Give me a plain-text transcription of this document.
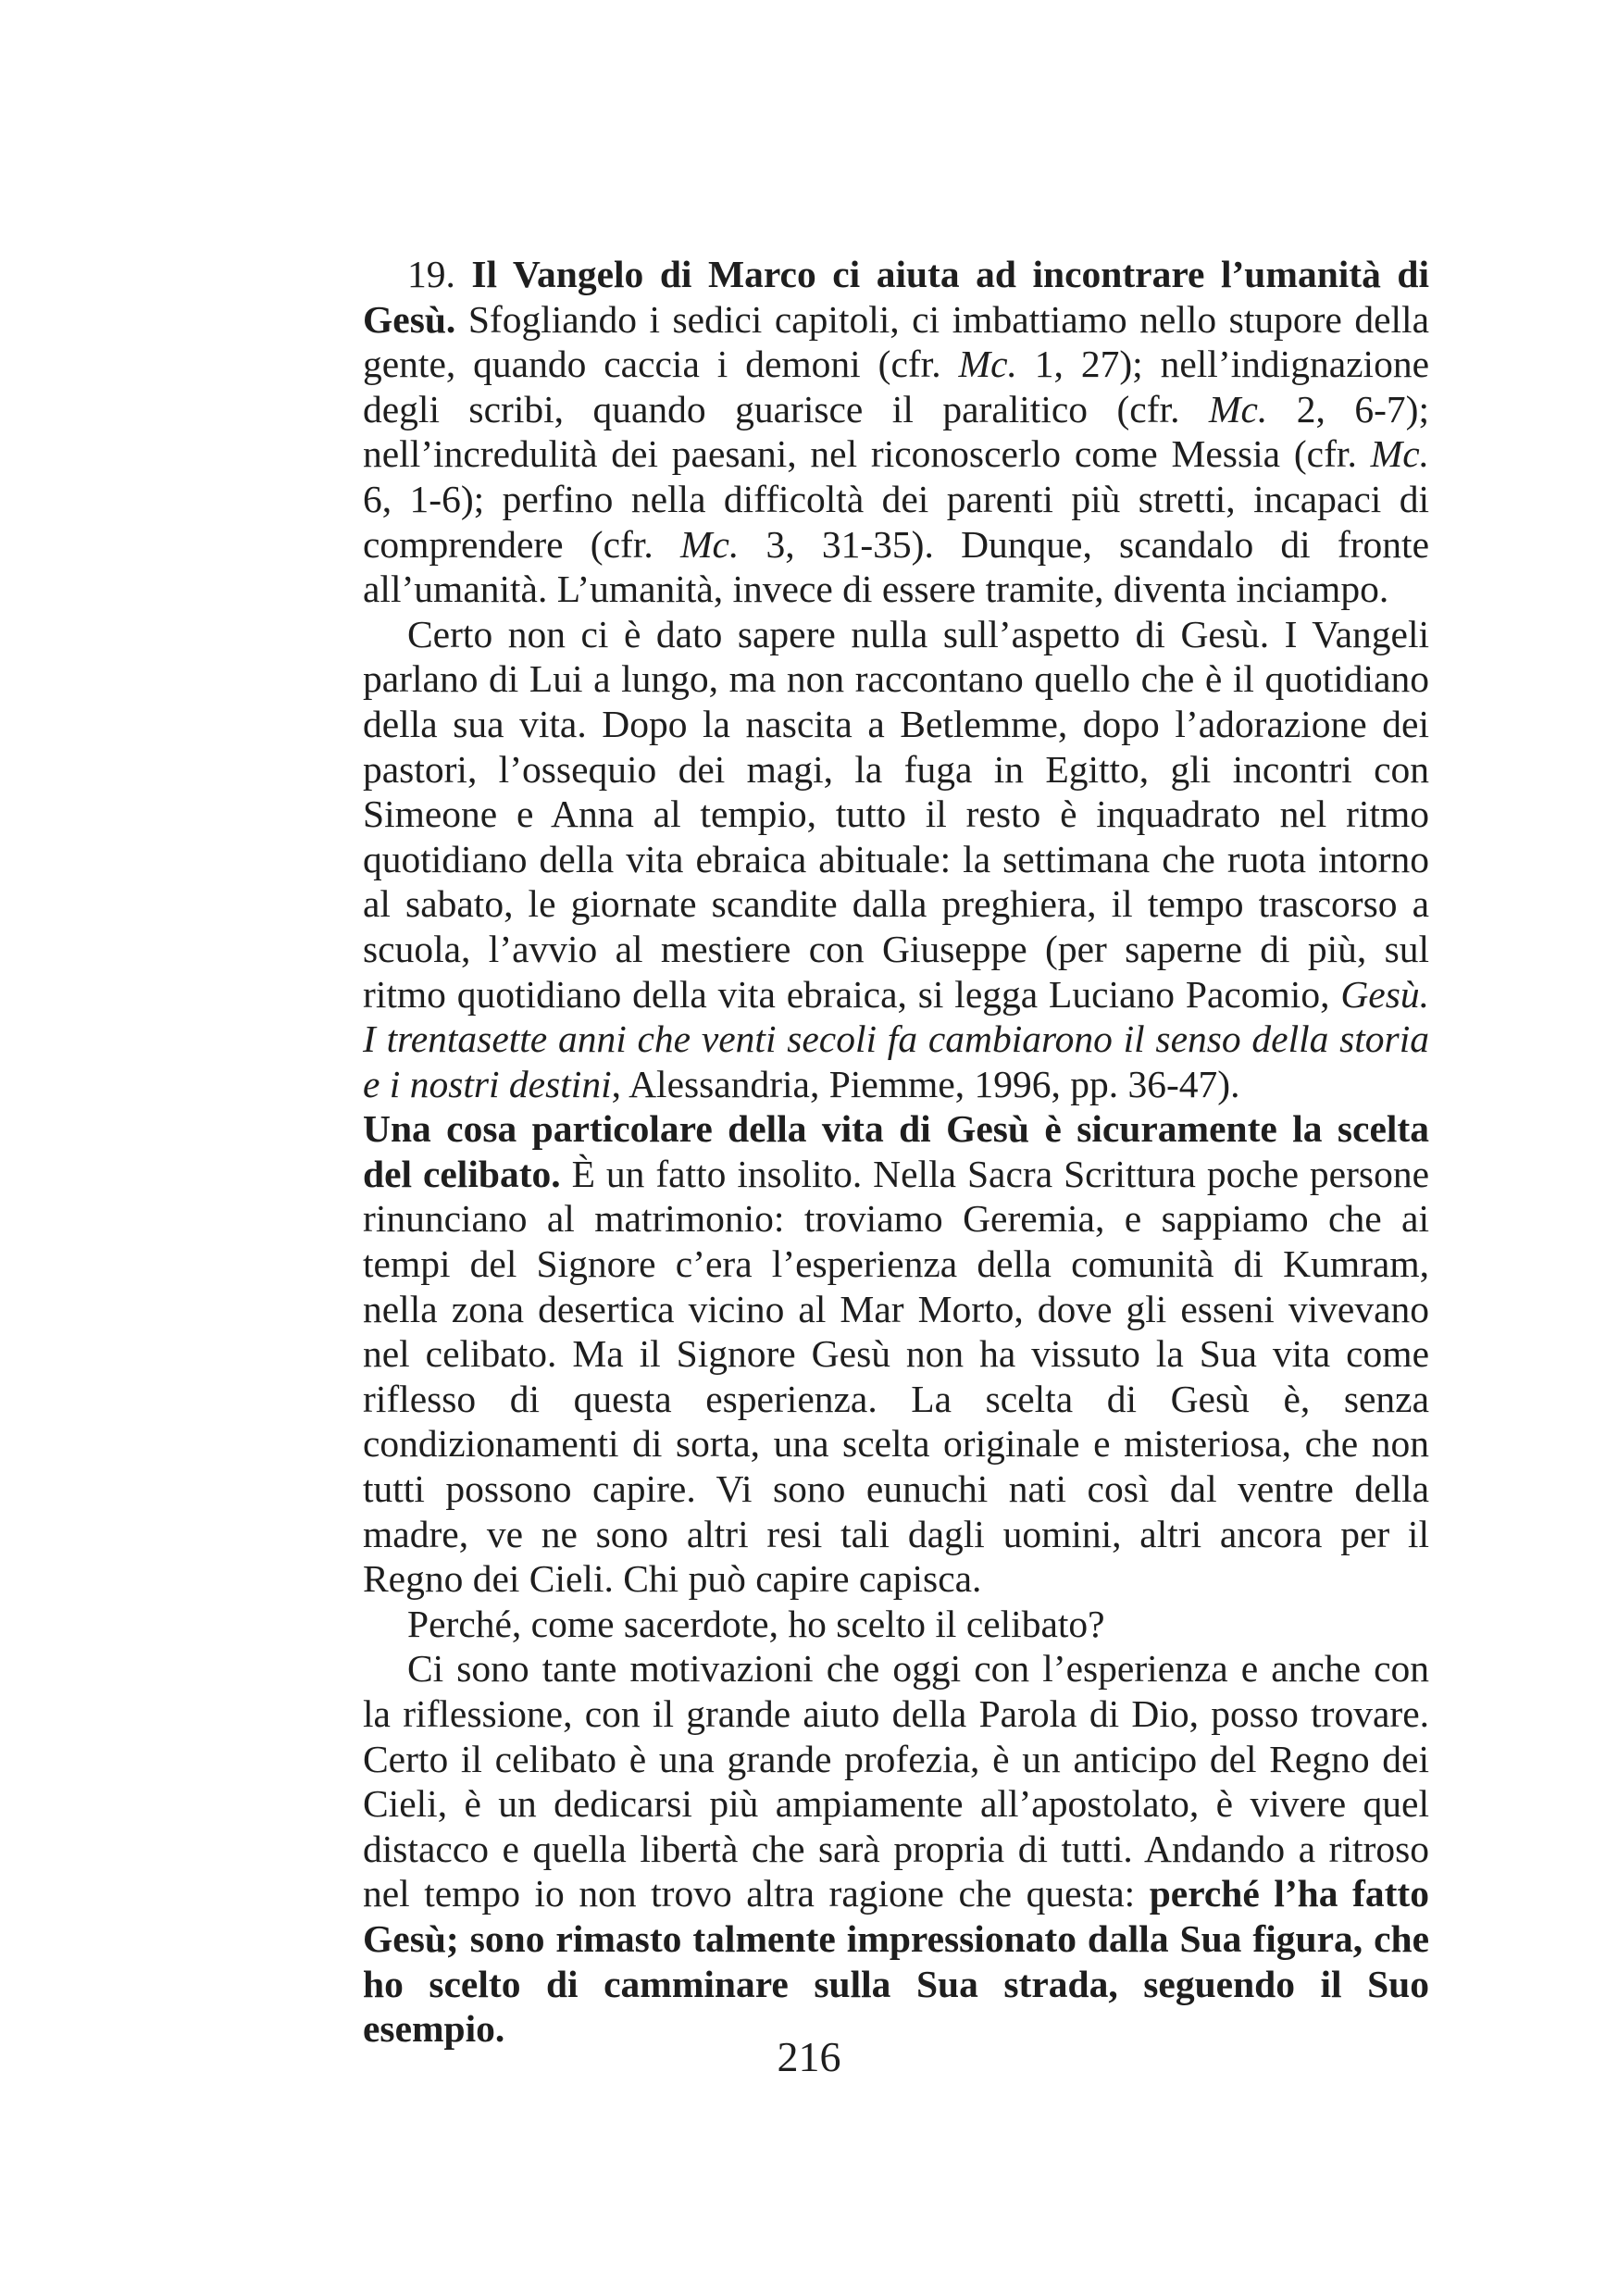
19. Il Vangelo di Marco ci aiuta ad incontrare l’umanità di Gesù. Sfogliando i sedici capitoli, ci imbattiamo nello stupore della gente, quando caccia i demoni (cfr. Mc. 1, 27); nell’indignazione degli scribi, quando guarisce il paralitico (cfr. Mc. 2, 6-7); nell’incredulità dei paesani, nel riconoscerlo come Messia (cfr. Mc. 6, 1-6); perfino nella difficoltà dei parenti più stretti, incapaci di comprendere (cfr. Mc. 3, 31-35). Dunque, scandalo di fronte all’umanità. L’umanità, invece di essere tramite, diventa inciampo.

Certo non ci è dato sapere nulla sull’aspetto di Gesù. I Vangeli parlano di Lui a lungo, ma non raccontano quello che è il quotidiano della sua vita. Dopo la nascita a Betlemme, dopo l’adorazione dei pastori, l’ossequio dei magi, la fuga in Egitto, gli incontri con Simeone e Anna al tempio, tutto il resto è inquadrato nel ritmo quotidiano della vita ebraica abituale: la settimana che ruota intorno al sabato, le giornate scandite dalla preghiera, il tempo trascorso a scuola, l’avvio al mestiere con Giuseppe (per saperne di più, sul ritmo quotidiano della vita ebraica, si legga Luciano Pacomio, Gesù. I trentasette anni che venti secoli fa cambiarono il senso della storia e i nostri destini, Alessandria, Piemme, 1996, pp. 36-47).

Una cosa particolare della vita di Gesù è sicuramente la scelta del celibato. È un fatto insolito. Nella Sacra Scrittura poche persone rinunciano al matrimonio: troviamo Geremia, e sappiamo che ai tempi del Signore c’era l’esperienza della comunità di Kumram, nella zona desertica vicino al Mar Morto, dove gli esseni vivevano nel celibato. Ma il Signore Gesù non ha vissuto la Sua vita come riflesso di questa esperienza. La scelta di Gesù è, senza condizionamenti di sorta, una scelta originale e misteriosa, che non tutti possono capire. Vi sono eunuchi nati così dal ventre della madre, ve ne sono altri resi tali dagli uomini, altri ancora per il Regno dei Cieli. Chi può capire capisca.

Perché, come sacerdote, ho scelto il celibato?

Ci sono tante motivazioni che oggi con l’esperienza e anche con la riflessione, con il grande aiuto della Parola di Dio, posso trovare. Certo il celibato è una grande profezia, è un anticipo del Regno dei Cieli, è un dedicarsi più ampiamente all’apostolato, è vivere quel distacco e quella libertà che sarà propria di tutti. Andando a ritroso nel tempo io non trovo altra ragione che questa: perché l’ha fatto Gesù; sono rimasto talmente impressionato dalla Sua figura, che ho scelto di camminare sulla Sua strada, seguendo il Suo esempio.

216
